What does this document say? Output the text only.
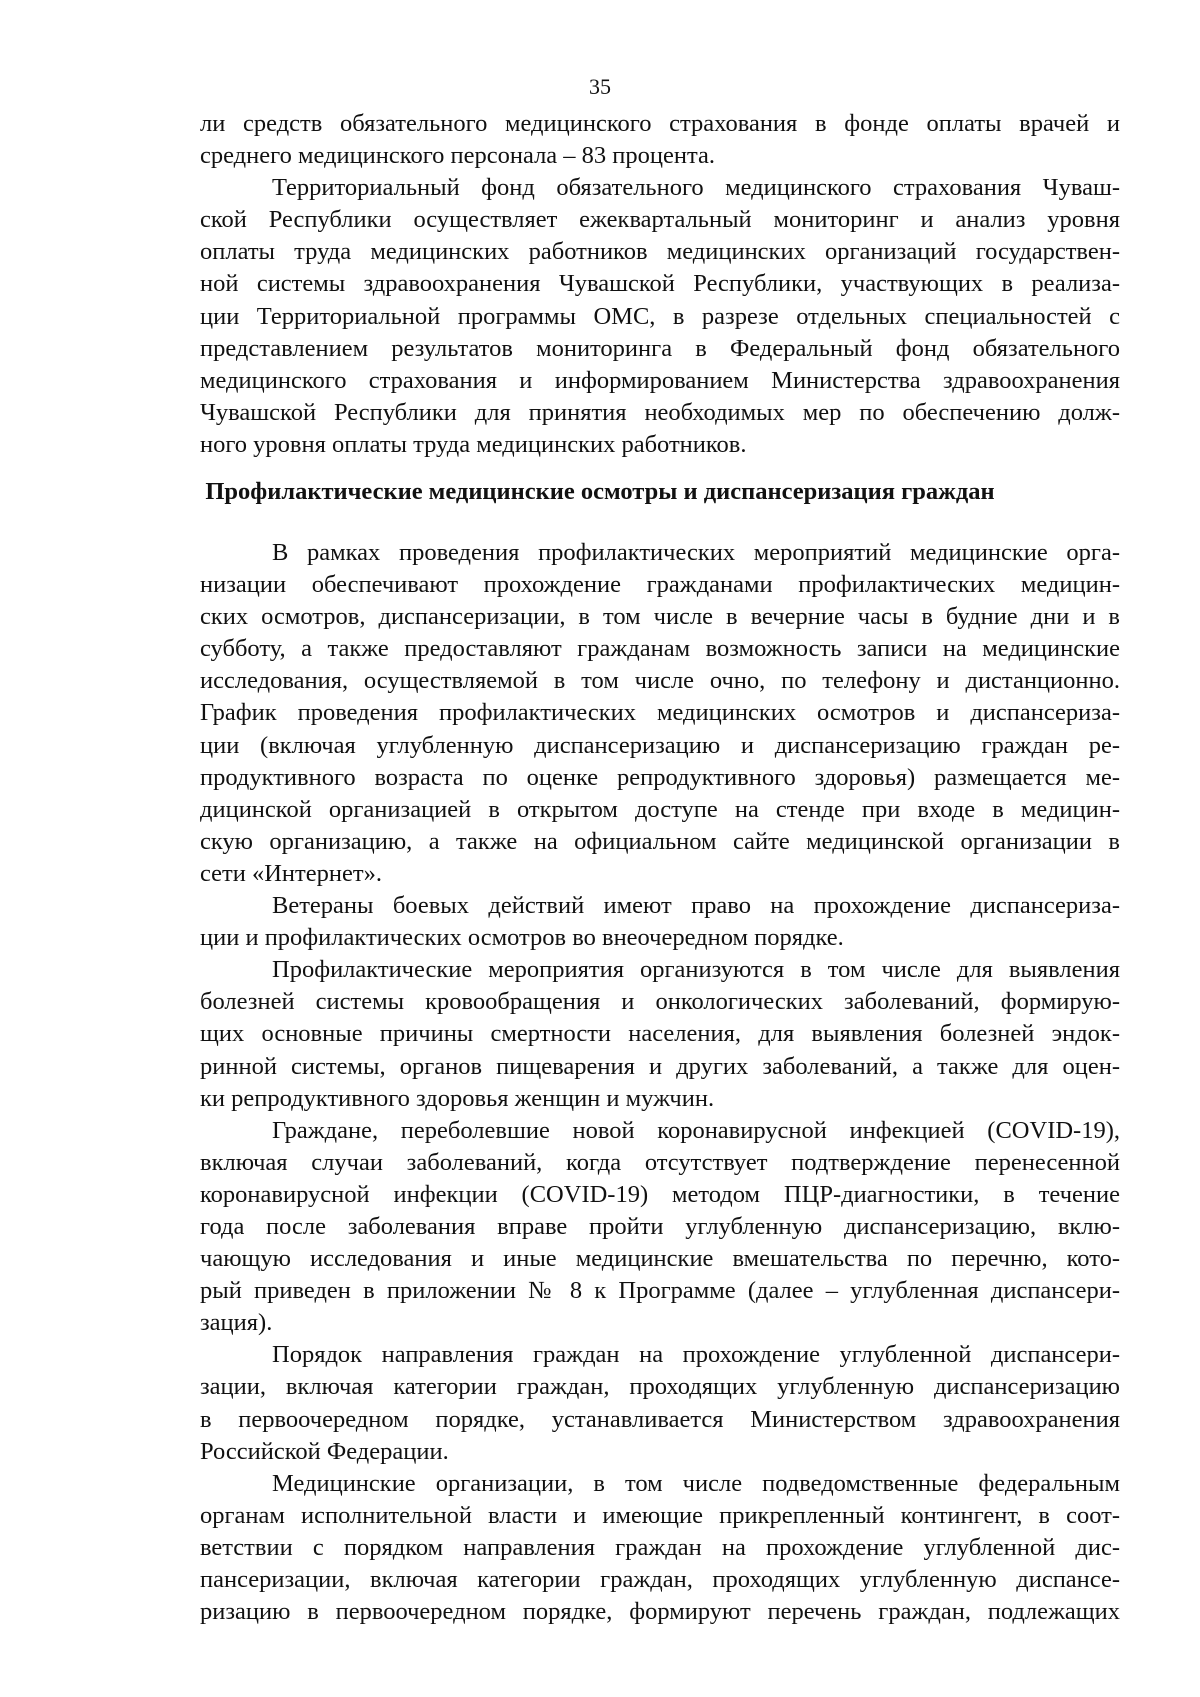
35

ли средств обязательного медицинского страхования в фонде оплаты врачей и
среднего медицинского персонала – 83 процента.

Территориальный фонд обязательного медицинского страхования Чуваш-
ской Республики осуществляет ежеквартальный мониторинг и анализ уровня
оплаты труда медицинских работников медицинских организаций государствен-
ной системы здравоохранения Чувашской Республики, участвующих в реализа-
ции Территориальной программы ОМС, в разрезе отдельных специальностей с
представлением результатов мониторинга в Федеральный фонд обязательного
медицинского страхования и информированием Министерства здравоохранения
Чувашской Республики для принятия необходимых мер по обеспечению долж-
ного уровня оплаты труда медицинских работников.

Профилактические медицинские осмотры и диспансеризация граждан

В рамках проведения профилактических мероприятий медицинские орга-
низации обеспечивают прохождение гражданами профилактических медицин-
ских осмотров, диспансеризации, в том числе в вечерние часы в будние дни и в
субботу, а также предоставляют гражданам возможность записи на медицинские
исследования, осуществляемой в том числе очно, по телефону и дистанционно.
График проведения профилактических медицинских осмотров и диспансериза-
ции (включая углубленную диспансеризацию и диспансеризацию граждан ре-
продуктивного возраста по оценке репродуктивного здоровья) размещается ме-
дицинской организацией в открытом доступе на стенде при входе в медицин-
скую организацию, а также на официальном сайте медицинской организации в
сети «Интернет».

Ветераны боевых действий имеют право на прохождение диспансериза-
ции и профилактических осмотров во внеочередном порядке.

Профилактические мероприятия организуются в том числе для выявления
болезней системы кровообращения и онкологических заболеваний, формирую-
щих основные причины смертности населения, для выявления болезней эндок-
ринной системы, органов пищеварения и других заболеваний, а также для оцен-
ки репродуктивного здоровья женщин и мужчин.

Граждане, переболевшие новой коронавирусной инфекцией (COVID-19),
включая случаи заболеваний, когда отсутствует подтверждение перенесенной
коронавирусной инфекции (COVID-19) методом ПЦР-диагностики, в течение
года после заболевания вправе пройти углубленную диспансеризацию, вклю-
чающую исследования и иные медицинские вмешательства по перечню, кото-
рый приведен в приложении № 8 к Программе (далее – углубленная диспансери-
зация).

Порядок направления граждан на прохождение углубленной диспансери-
зации, включая категории граждан, проходящих углубленную диспансеризацию
в первоочередном порядке, устанавливается Министерством здравоохранения
Российской Федерации.

Медицинские организации, в том числе подведомственные федеральным
органам исполнительной власти и имеющие прикрепленный контингент, в соот-
ветствии с порядком направления граждан на прохождение углубленной дис-
пансеризации, включая категории граждан, проходящих углубленную диспансе-
ризацию в первоочередном порядке, формируют перечень граждан, подлежащих
